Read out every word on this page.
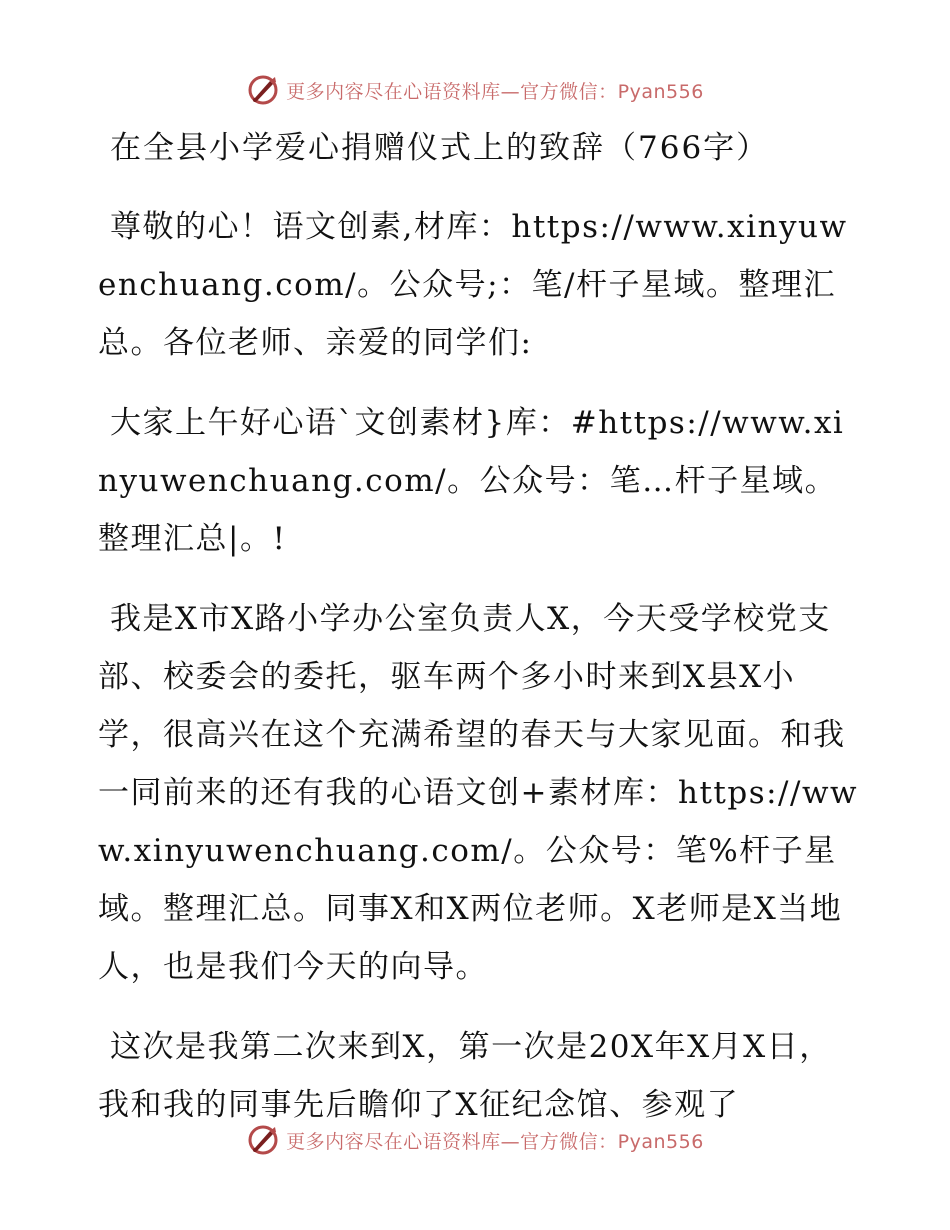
更多内容尽在心语资料库—官方微信：Pyan556
在全县小学爱心捐赠仪式上的致辞（766字）

尊敬的心！语文创素,材库：https://www.xinyuwenchuang.com/。公众号;：笔/杆子星域。整理汇总。各位老师、亲爱的同学们:

大家上午好心语`文创素材}库：#https://www.xinyuwenchuang.com/。公众号：笔…杆子星域。整理汇总|。!

我是X市X路小学办公室负责人X，今天受学校党支部、校委会的委托，驱车两个多小时来到X县X小学，很高兴在这个充满希望的春天与大家见面。和我一同前来的还有我的心语文创+素材库：https://www.xinyuwenchuang.com/。公众号：笔%杆子星域。整理汇总。同事X和X两位老师。X老师是X当地人，也是我们今天的向导。

这次是我第二次来到X，第一次是20X年X月X日，我和我的同事先后瞻仰了X征纪念馆、参观了

更多内容尽在心语资料库—官方微信：Pyan556
